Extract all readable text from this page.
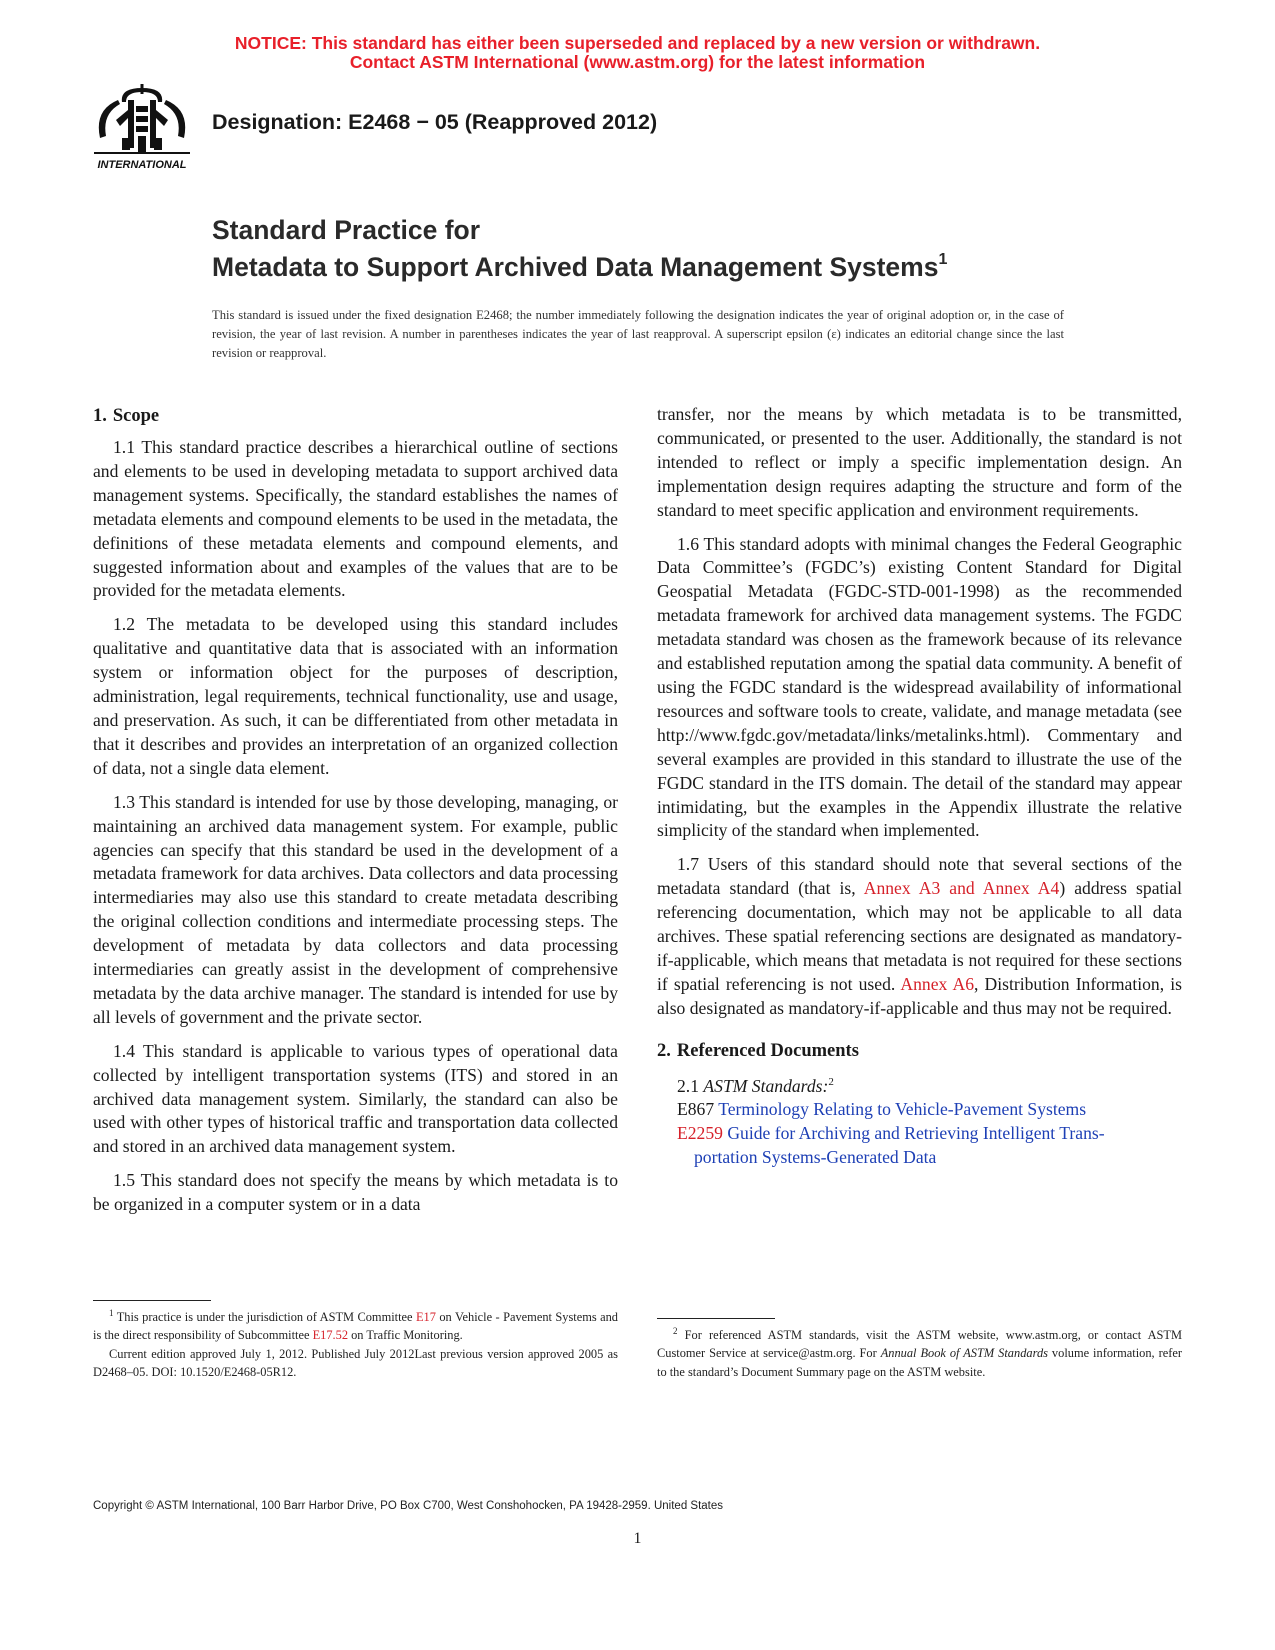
NOTICE: This standard has either been superseded and replaced by a new version or withdrawn.
Contact ASTM International (www.astm.org) for the latest information
INTERNATIONAL
Designation: E2468 − 05 (Reapproved 2012)
Standard Practice for
Metadata to Support Archived Data Management Systems$^1$
This standard is issued under the fixed designation E2468; the number immediately following the designation indicates the year of original adoption or, in the case of revision, the year of last revision. A number in parentheses indicates the year of last reapproval. A superscript epsilon (ε) indicates an editorial change since the last revision or reapproval.
1. Scope

1.1 This standard practice describes a hierarchical outline of sections and elements to be used in developing metadata to support archived data management systems. Specifically, the standard establishes the names of metadata elements and compound elements to be used in the metadata, the definitions of these metadata elements and compound elements, and suggested information about and examples of the values that are to be provided for the metadata elements.

1.2 The metadata to be developed using this standard includes qualitative and quantitative data that is associated with an information system or information object for the purposes of description, administration, legal requirements, technical functionality, use and usage, and preservation. As such, it can be differentiated from other metadata in that it describes and provides an interpretation of an organized collection of data, not a single data element.

1.3 This standard is intended for use by those developing, managing, or maintaining an archived data management system. For example, public agencies can specify that this standard be used in the development of a metadata framework for data archives. Data collectors and data processing intermediaries may also use this standard to create metadata describing the original collection conditions and intermediate processing steps. The development of metadata by data collectors and data processing intermediaries can greatly assist in the development of comprehensive metadata by the data archive manager. The standard is intended for use by all levels of government and the private sector.

1.4 This standard is applicable to various types of operational data collected by intelligent transportation systems (ITS) and stored in an archived data management system. Similarly, the standard can also be used with other types of historical traffic and transportation data collected and stored in an archived data management system.

1.5 This standard does not specify the means by which metadata is to be organized in a computer system or in a data

transfer, nor the means by which metadata is to be transmitted, communicated, or presented to the user. Additionally, the standard is not intended to reflect or imply a specific implementation design. An implementation design requires adapting the structure and form of the standard to meet specific application and environment requirements.

1.6 This standard adopts with minimal changes the Federal Geographic Data Committee’s (FGDC’s) existing Content Standard for Digital Geospatial Metadata (FGDC-STD-001-1998) as the recommended metadata framework for archived data management systems. The FGDC metadata standard was chosen as the framework because of its relevance and established reputation among the spatial data community. A benefit of using the FGDC standard is the widespread availability of informational resources and software tools to create, validate, and manage metadata (see http://www.fgdc.gov/metadata/links/metalinks.html). Commentary and several examples are provided in this standard to illustrate the use of the FGDC standard in the ITS domain. The detail of the standard may appear intimidating, but the examples in the Appendix illustrate the relative simplicity of the standard when implemented.

1.7 Users of this standard should note that several sections of the metadata standard (that is, Annex A3 and Annex A4) address spatial referencing documentation, which may not be applicable to all data archives. These spatial referencing sections are designated as mandatory-if-applicable, which means that metadata is not required for these sections if spatial referencing is not used. Annex A6, Distribution Information, is also designated as mandatory-if-applicable and thus may not be required.

2. Referenced Documents
2.1 ASTM Standards:$^2$
E867 Terminology Relating to Vehicle-Pavement Systems
E2259 Guide for Archiving and Retrieving Intelligent Trans-
portation Systems-Generated Data

$^1$ This practice is under the jurisdiction of ASTM Committee E17 on Vehicle - Pavement Systems and is the direct responsibility of Subcommittee E17.52 on Traffic Monitoring.

Current edition approved July 1, 2012. Published July 2012Last previous version approved 2005 as D2468–05. DOI: 10.1520/E2468-05R12.

$^2$ For referenced ASTM standards, visit the ASTM website, www.astm.org, or contact ASTM Customer Service at service@astm.org. For Annual Book of ASTM Standards volume information, refer to the standard’s Document Summary page on the ASTM website.

Copyright © ASTM International, 100 Barr Harbor Drive, PO Box C700, West Conshohocken, PA 19428-2959. United States
1
